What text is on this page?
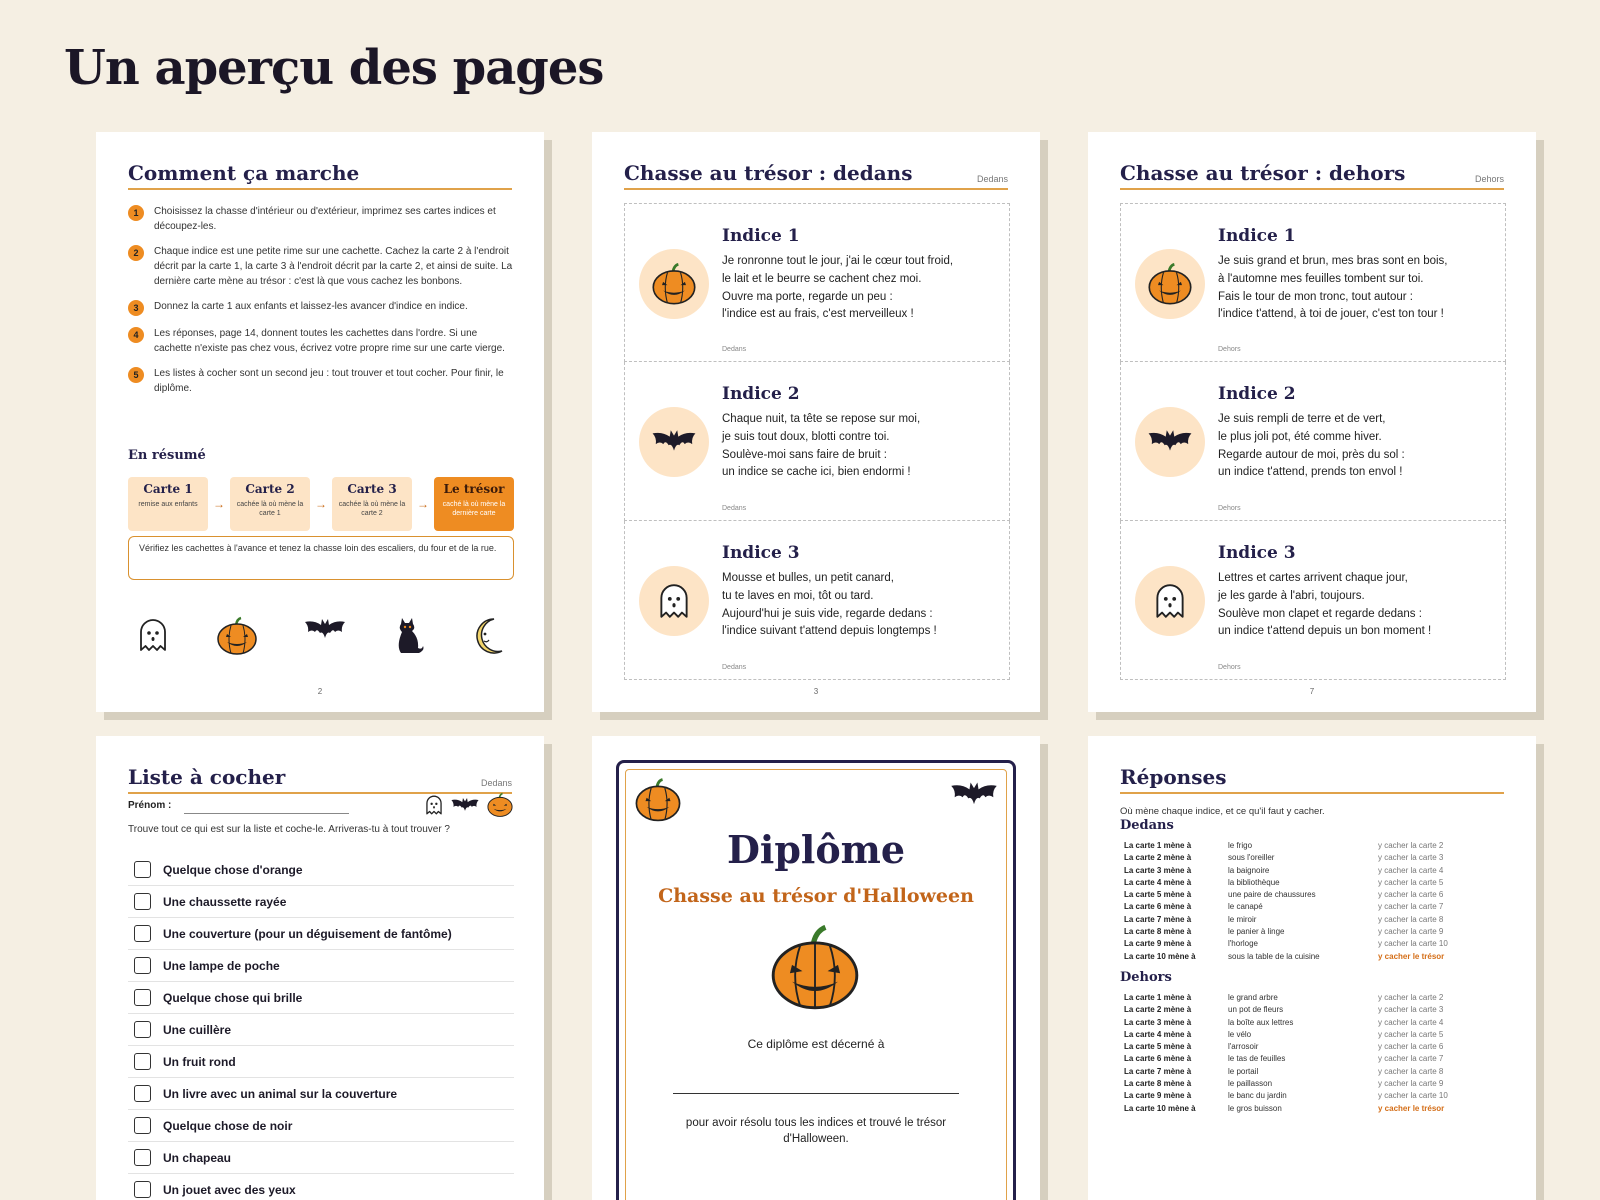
Un aperçu des pages
Comment ça marche
1	Choisissez la chasse d'intérieur ou d'extérieur, imprimez ses cartes indices et découpez-les.
2	Chaque indice est une petite rime sur une cachette. Cachez la carte 2 à l'endroit décrit par la carte 1, la carte 3 à l'endroit décrit par la carte 2, et ainsi de suite. La dernière carte mène au trésor : c'est là que vous cachez les bonbons.
3	Donnez la carte 1 aux enfants et laissez-les avancer d'indice en indice.
4	Les réponses, page 14, donnent toutes les cachettes dans l'ordre. Si une cachette n'existe pas chez vous, écrivez votre propre rime sur une carte vierge.
5	Les listes à cocher sont un second jeu : tout trouver et tout cocher. Pour finir, le diplôme.
En résumé
Carte 1
remise aux enfants	→
Carte 2
cachée là où mène la carte 1
→
Carte 3
cachée là où mène la carte 2
→
Le trésor
caché là où mène la dernière carte
Vérifiez les cachettes à l'avance et tenez la chasse loin des escaliers, du four et de la rue.
2
Chasse au trésor : dedans	Dedans
Indice 1
Je ronronne tout le jour, j'ai le cœur tout froid,
le lait et le beurre se cachent chez moi.
Ouvre ma porte, regarde un peu :
l'indice est au frais, c'est merveilleux !
Dedans
Indice 2
Chaque nuit, ta tête se repose sur moi,
je suis tout doux, blotti contre toi.
Soulève-moi sans faire de bruit :
un indice se cache ici, bien endormi !
Dedans
Indice 3
Mousse et bulles, un petit canard,
tu te laves en moi, tôt ou tard.
Aujourd'hui je suis vide, regarde dedans :
l'indice suivant t'attend depuis longtemps !
Dedans
3
Chasse au trésor : dehors	Dehors
Indice 1
Je suis grand et brun, mes bras sont en bois,
à l'automne mes feuilles tombent sur toi.
Fais le tour de mon tronc, tout autour :
l'indice t'attend, à toi de jouer, c'est ton tour !
Dehors
Indice 2
Je suis rempli de terre et de vert,
le plus joli pot, été comme hiver.
Regarde autour de moi, près du sol :
un indice t'attend, prends ton envol !
Dehors
Indice 3
Lettres et cartes arrivent chaque jour,
je les garde à l'abri, toujours.
Soulève mon clapet et regarde dedans :
un indice t'attend depuis un bon moment !
Dehors
7
Liste à cocher	Dedans
Prénom :
Trouve tout ce qui est sur la liste et coche-le. Arriveras-tu à tout trouver ?
Quelque chose d'orange
Une chaussette rayée
Une couverture (pour un déguisement de fantôme)
Une lampe de poche
Quelque chose qui brille
Une cuillère
Un fruit rond
Un livre avec un animal sur la couverture
Quelque chose de noir
Un chapeau
Un jouet avec des yeux
Diplôme
Chasse au trésor d'Halloween
Ce diplôme est décerné à
pour avoir résolu tous les indices et trouvé le trésor d'Halloween.
Réponses
Où mène chaque indice, et ce qu'il faut y cacher.
Dedans
La carte 1 mène à	le frigo	y cacher la carte 2
La carte 2 mène à	sous l'oreiller	y cacher la carte 3
La carte 3 mène à	la baignoire	y cacher la carte 4
La carte 4 mène à	la bibliothèque	y cacher la carte 5
La carte 5 mène à	une paire de chaussures	y cacher la carte 6
La carte 6 mène à	le canapé	y cacher la carte 7
La carte 7 mène à	le miroir	y cacher la carte 8
La carte 8 mène à	le panier à linge	y cacher la carte 9
La carte 9 mène à	l'horloge	y cacher la carte 10
La carte 10 mène à	sous la table de la cuisine	y cacher le trésor
Dehors
La carte 1 mène à	le grand arbre	y cacher la carte 2
La carte 2 mène à	un pot de fleurs	y cacher la carte 3
La carte 3 mène à	la boîte aux lettres	y cacher la carte 4
La carte 4 mène à	le vélo	y cacher la carte 5
La carte 5 mène à	l'arrosoir	y cacher la carte 6
La carte 6 mène à	le tas de feuilles	y cacher la carte 7
La carte 7 mène à	le portail	y cacher la carte 8
La carte 8 mène à	le paillasson	y cacher la carte 9
La carte 9 mène à	le banc du jardin	y cacher la carte 10
La carte 10 mène à	le gros buisson	y cacher le trésor
